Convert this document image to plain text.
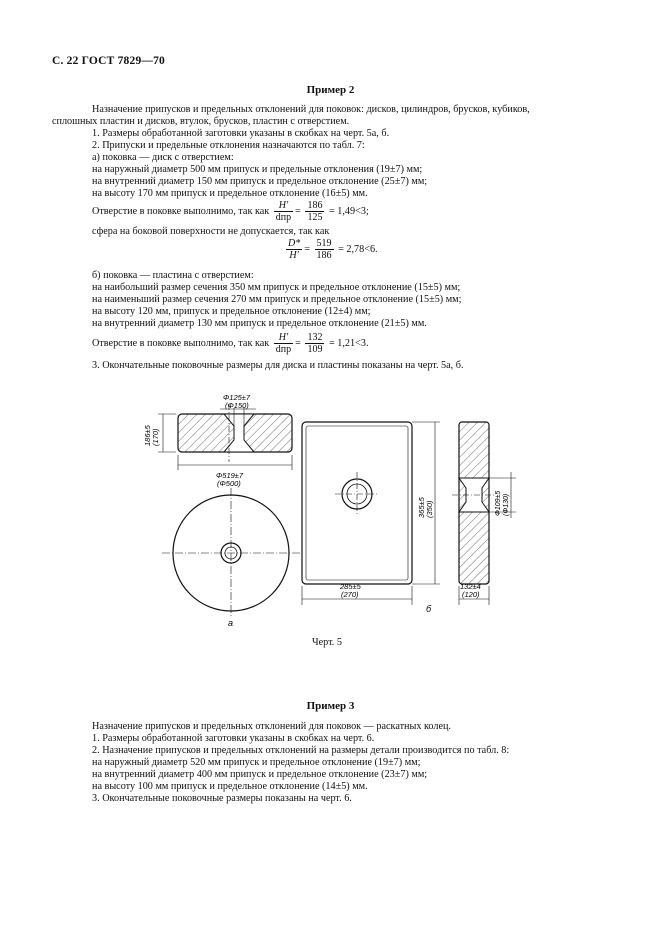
С. 22 ГОСТ 7829—70
Пример 2
Назначение припусков и предельных отклонений для поковок: дисков, цилиндров, брусков, кубиков,
сплошных пластин и дисков, втулок, брусков, пластин с отверстием.
1. Размеры обработанной заготовки указаны в скобках на черт. 5а, б.
2. Припуски и предельные отклонения назначаются по табл. 7:
а) поковка — диск с отверстием:
на наружный диаметр 500 мм припуск и предельные отклонения (19±7) мм;
на внутренний диаметр 150 мм припуск и предельное отклонение (25±7) мм;
на высоту 170 мм припуск и предельное отклонение (16±5) мм.
Отверстие в поковке выполнимо, так как $\frac{H'}{\text{dпр}} = \frac{186}{125} = 1,49<3$;
сфера на боковой поверхности не допускается, так как
$\frac{D*}{H'} = \frac{519}{186} = 2,78<6$.
б) поковка — пластина с отверстием:
на наибольший размер сечения 350 мм припуск и предельное отклонение (15±5) мм;
на наименьший размер сечения 270 мм припуск и предельное отклонение (15±5) мм;
на высоту 120 мм, припуск и предельное отклонение (12±4) мм;
на внутренний диаметр 130 мм припуск и предельное отклонение (21±5) мм.
Отверстие в поковке выполнимо, так как $\frac{H'}{\text{dпр}} = \frac{132}{109} = 1,21<3$.
3. Окончательные поковочные размеры для диска и пластины показаны на черт. 5а, б.
Φ125±7
(Φ150)
186±5 (170)
Φ519±7
(Φ500)
а
365±5 (350)
285±5
(270)
Φ109±5 (Φ130)
132±4
(120)
б
Черт. 5
Пример 3
Назначение припусков и предельных отклонений для поковок — раскатных колец.
1. Размеры обработанной заготовки указаны в скобках на черт. 6.
2. Назначение припусков и предельных отклонений на размеры детали производится по табл. 8:
на наружный диаметр 520 мм припуск и предельное отклонение (19±7) мм;
на внутренний диаметр 400 мм припуск и предельное отклонение (23±7) мм;
на высоту 100 мм припуск и предельное отклонение (14±5) мм.
3. Окончательные поковочные размеры показаны на черт. 6.
